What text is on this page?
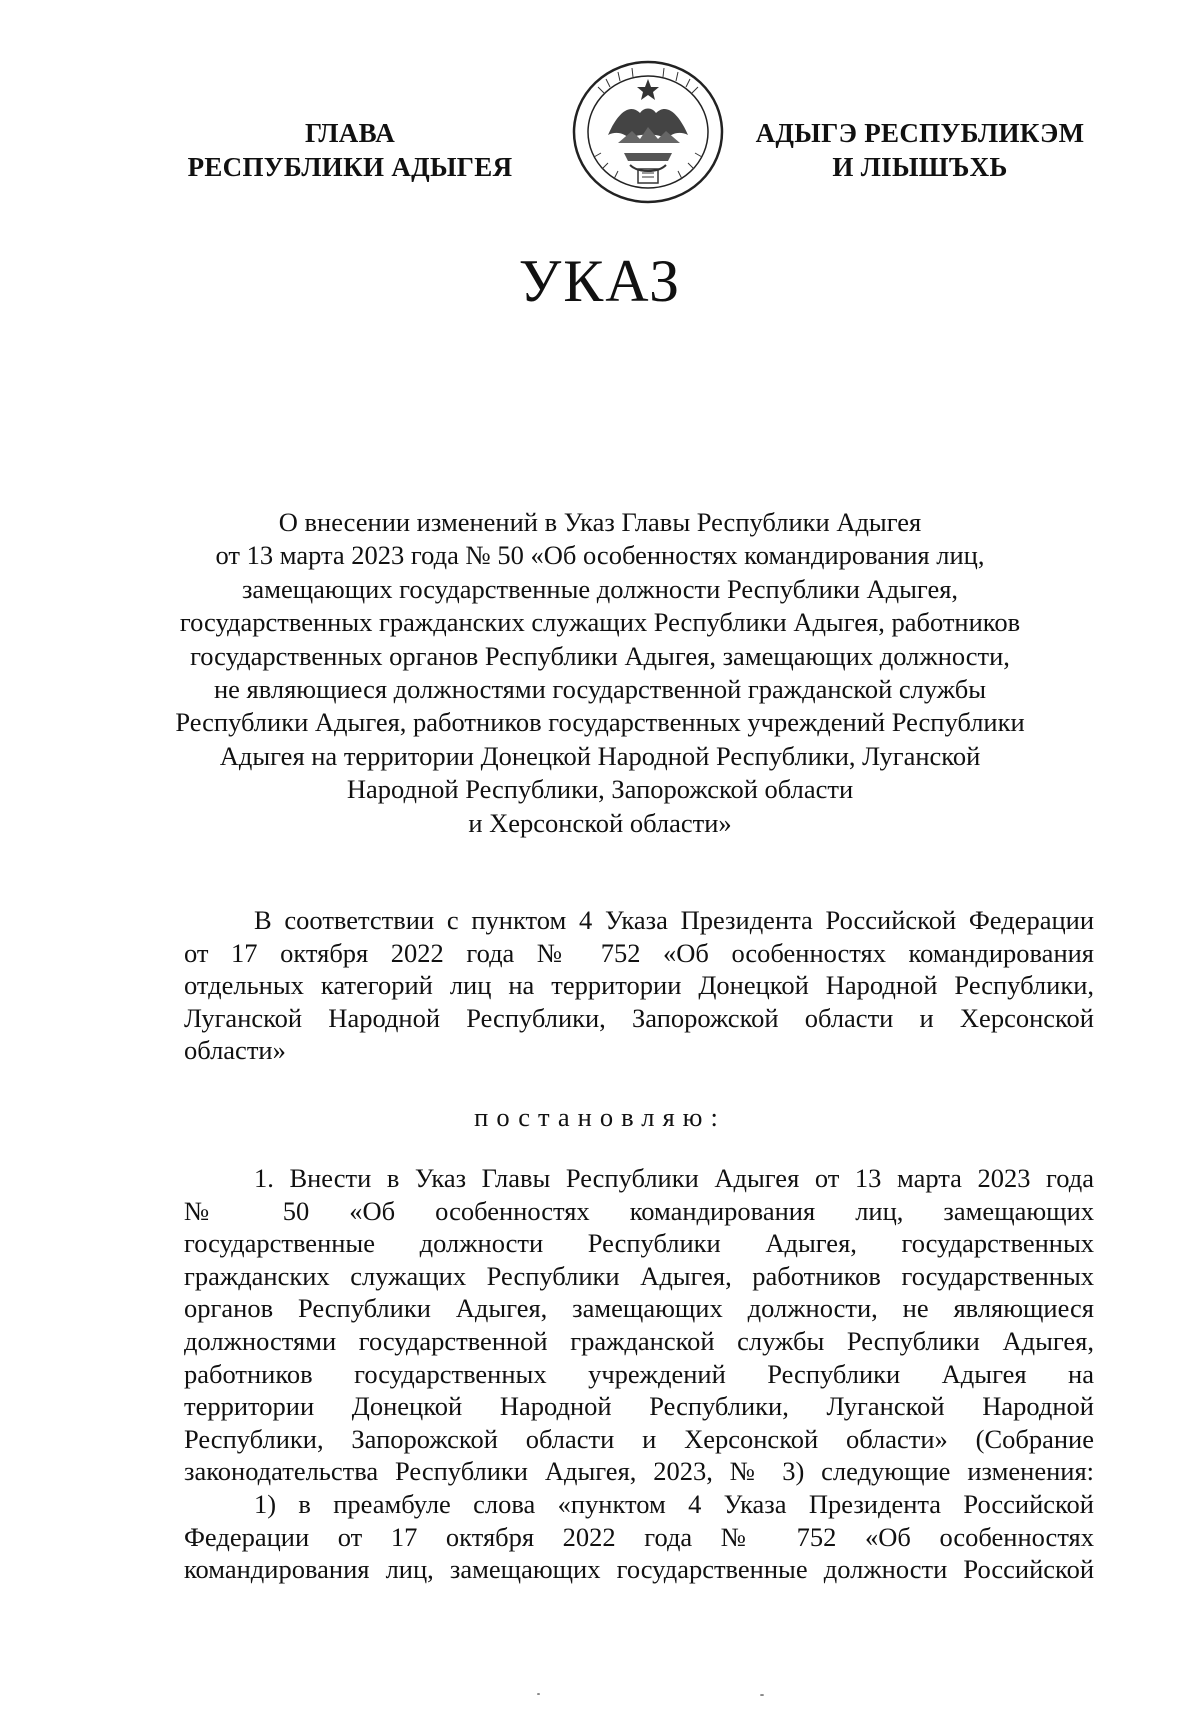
ГЛАВА
РЕСПУБЛИКИ АДЫГЕЯ
АДЫГЭ РЕСПУБЛИКЭМ
И ЛІЫШЪХЬ
УКАЗ
О внесении изменений в Указ Главы Республики Адыгея
от 13 марта 2023 года № 50 «Об особенностях командирования лиц,
замещающих государственные должности Республики Адыгея,
государственных гражданских служащих Республики Адыгея, работников
государственных органов Республики Адыгея, замещающих должности,
не являющиеся должностями государственной гражданской службы
Республики Адыгея, работников государственных учреждений Республики
Адыгея на территории Донецкой Народной Республики, Луганской
Народной Республики, Запорожской области
и Херсонской области»
В соответствии с пунктом 4 Указа Президента Российской Федерации
от 17 октября 2022 года № 752 «Об особенностях командирования
отдельных категорий лиц на территории Донецкой Народной Республики,
Луганской Народной Республики, Запорожской области и Херсонской
области»
постановляю:
1. Внести в Указ Главы Республики Адыгея от 13 марта 2023 года
№ 50 «Об особенностях командирования лиц, замещающих
государственные должности Республики Адыгея, государственных
гражданских служащих Республики Адыгея, работников государственных
органов Республики Адыгея, замещающих должности, не являющиеся
должностями государственной гражданской службы Республики Адыгея,
работников государственных учреждений Республики Адыгея на
территории Донецкой Народной Республики, Луганской Народной
Республики, Запорожской области и Херсонской области» (Собрание
законодательства Республики Адыгея, 2023, № 3) следующие изменения:
1) в преамбуле слова «пунктом 4 Указа Президента Российской
Федерации от 17 октября 2022 года № 752 «Об особенностях
командирования лиц, замещающих государственные должности Российской
